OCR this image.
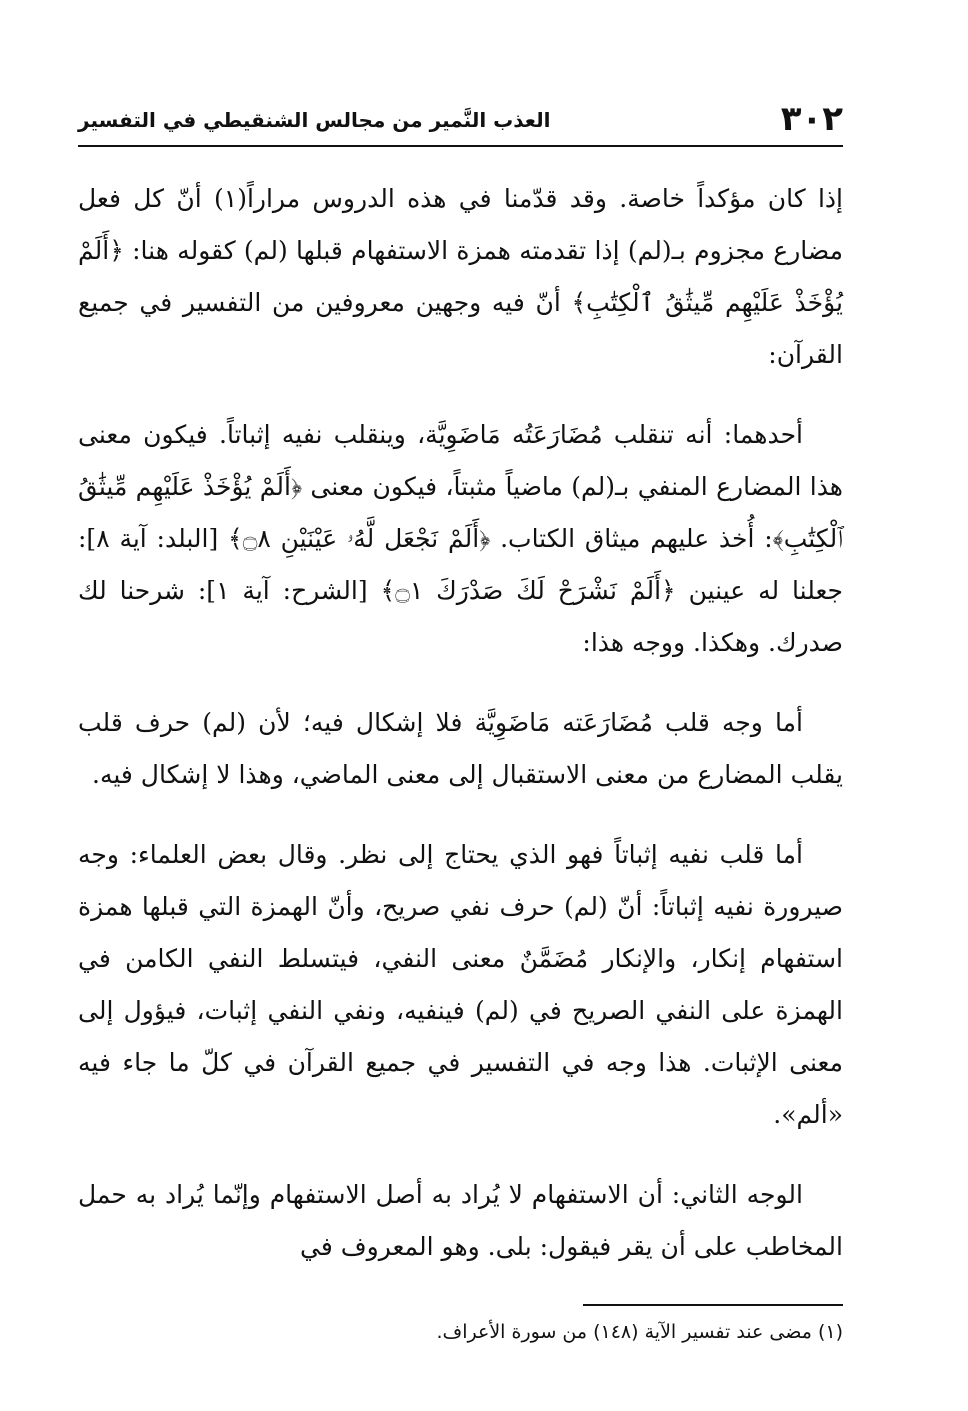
٣٠٢
العذب النَّمير من مجالس الشنقيطي في التفسير

إذا كان مؤكداً خاصة. وقد قدّمنا في هذه الدروس مراراً(١) أنّ كل فعل مضارع مجزوم بـ(لم) إذا تقدمته همزة الاستفهام قبلها (لم) كقوله هنا: ﴿أَلَمْ يُؤْخَذْ عَلَيْهِم مِّيثَٰقُ ٱلْكِتَٰبِ﴾ أنّ فيه وجهين معروفين من التفسير في جميع القرآن:

أحدهما: أنه تنقلب مُضَارَعَتُه مَاضَوِيَّة، وينقلب نفيه إثباتاً. فيكون معنى هذا المضارع المنفي بـ(لم) ماضياً مثبتاً، فيكون معنى ﴿أَلَمْ يُؤْخَذْ عَلَيْهِم مِّيثَٰقُ ٱلْكِتَٰبِ﴾: أُخذ عليهم ميثاق الكتاب. ﴿أَلَمْ نَجْعَل لَّهُۥ عَيْنَيْنِ ۝٨﴾ [البلد: آية ٨]: جعلنا له عينين ﴿أَلَمْ نَشْرَحْ لَكَ صَدْرَكَ ۝١﴾ [الشرح: آية ١]: شرحنا لك صدرك. وهكذا. ووجه هذا:

أما وجه قلب مُضَارَعَته مَاضَوِيَّة فلا إشكال فيه؛ لأن (لم) حرف قلب يقلب المضارع من معنى الاستقبال إلى معنى الماضي، وهذا لا إشكال فيه.

أما قلب نفيه إثباتاً فهو الذي يحتاج إلى نظر. وقال بعض العلماء: وجه صيرورة نفيه إثباتاً: أنّ (لم) حرف نفي صريح، وأنّ الهمزة التي قبلها همزة استفهام إنكار، والإنكار مُضَمَّنٌ معنى النفي، فيتسلط النفي الكامن في الهمزة على النفي الصريح في (لم) فينفيه، ونفي النفي إثبات، فيؤول إلى معنى الإثبات. هذا وجه في التفسير في جميع القرآن في كلّ ما جاء فيه «ألم».

الوجه الثاني: أن الاستفهام لا يُراد به أصل الاستفهام وإنّما يُراد به حمل المخاطب على أن يقر فيقول: بلى. وهو المعروف في

(١) مضى عند تفسير الآية (١٤٨) من سورة الأعراف.
